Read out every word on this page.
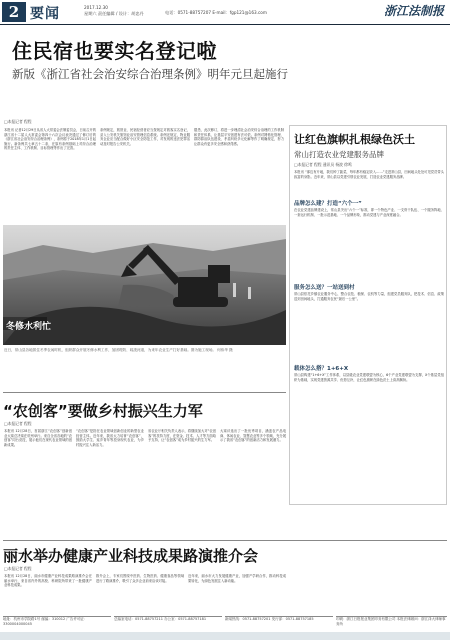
2 要闻	2017.12.30
星期六 责任编辑 / 设计：胡忠丹	电话：0571-88757207 E-mail：fgp121@163.com	浙江法制报
住民宿也要实名登记啦
新版《浙江省社会治安综合治理条例》明年元旦起施行
□本报记者 程程
本报讯 记者12月29日从省人大常委会法制委员会，日前召开的浙江省十二届人大常委会第四十六次会议表决通过了修订后的《浙江省社会治安综合治理条例》，条例将于2018年1月1日起施行。新条例共七章五十二条，在原有条例基础上对综合治理的责任主体、工作机制、目标管理等作出了完善。
条例规定，旅馆业、民宿经营者应当按规定对旅客实名登记，录入公安机关旅馆业治安管理信息系统。条例还规定，物业服务企业应当配合做好小区安全防范工作，对发现的违法犯罪活动及时报告公安机关。
据悉，此次修订，将进一步理清社会治安综合治理的工作机制和责任体系，让基层平安创建有法可依。条例对网格化管理、群防群治队伍建设、矛盾纠纷多元化解等作了明确规定，努力让群众有更多安全感和获得感。
冬修水利忙
近日，常山县各地抓住冬季农闲时机，组织群众开展冬修水利工作，加固堤防、疏浚河道，为来年农业生产打好基础。图为施工现场。 何伟华 摄
让红色旗帜扎根绿色沃土
常山打造农业党建服务品牌
□本报记者 程程 通讯员 杨波 徐鸣
本报讯 “那边有片地，我们种了蔬菜，每年都有稳定收入……”走进常山县，田间地头处处可见党员带头致富的身影。近年来，常山县以党建引领农业发展，打造农业党建服务品牌。
品牌怎么建？打造“六个一”
在农业党建品牌建设上，常山县突出“六个一”标准，即一个特色产业、一支骨干队伍、一个服务阵地、一套运行机制、一批示范基地、一个品牌形象，推动党建与产业深度融合。
服务怎么送？一站送到村
常山县依托乡镇农业服务中心，整合农技、植保、农机等力量，组建党员服务队，把技术、信息、政策送到田间地头，打通服务农民“最后一公里”。
载体怎么搭？1+6+X
常山县构建“1+6+X”工作体系，以县级农业党建联盟为核心，6个产业党建联盟为支撑，X个基层党组织为基础，实现党建资源共享、优势互补，让红色旗帜在绿色沃土上高高飘扬。
“农创客”要做乡村振兴生力军
□本报记者 程程
本报讯 12月28日，首届浙江“农创客”创新创业大赛总决赛在杭州举行。来自全省各地的“农创客”同台竞技，展示他们在现代农业领域的创新成果。
“农创客”是指在农业领域创新创业的新型农业经营主体。近年来，我省大力培育“农创客”，鼓励大学生、返乡青年等投身现代农业，为乡村振兴注入新活力。
省农业厅相关负责人表示，将继续加大对“农创客”的扶持力度，在资金、技术、人才等方面给予支持，让“农创客”成为乡村振兴的生力军。
大赛评选出了一批优秀项目，涵盖农产品电商、休闲农业、智慧农业等多个领域，充分展示了我省“农创客”的创新活力和发展潜力。
丽水举办健康产业科技成果路演推介会
□本报记者 程程
本报讯 12月28日，丽水市健康产业科技成果路演推介会在丽水举行，来自省内外的高校、科研院所带来了一批健康产业科技成果。
推介会上，专家们围绕中医药、生物医药、健康食品等领域进行了路演推介，吸引了众多企业前来洽谈对接。
近年来，丽水市大力发展健康产业，加强产学研合作，推动科技成果转化，为绿色发展注入新动能。
地址：杭州市学院路1号 邮编：310012 广告许可证：3300004000045
总编室电话：0571-88757211 办公室：0571-88757181	新闻热线：0571-88757201 发行部：0571-88757185	印刷：浙江日报报业集团印务有限公司 本报法律顾问：浙江泽大律师事务所
